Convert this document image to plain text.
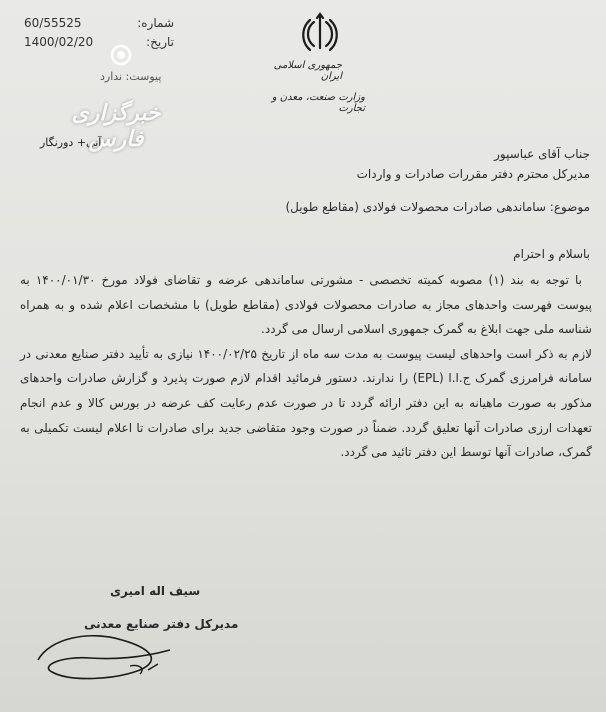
شماره:
60/55525
تاریخ:
1400/02/20
پیوست: ندارد
آنی+ دورنگار
خبرگزاری فارس
جمهوری اسلامی ایران
وزارت صنعت، معدن و تجارت
جناب آقای عباسپور
مدیرکل محترم دفتر مقررات صادرات و واردات
موضوع: ساماندهی صادرات محصولات فولادی (مقاطع طویل)
باسلام و احترام

با توجه به بند (۱) مصوبه کمیته تخصصی - مشورتی ساماندهی عرضه و تقاضای فولاد مورخ ۱۴۰۰/۰۱/۳۰ به پیوست فهرست واحدهای مجاز به صادرات محصولات فولادی (مقاطع طویل) با مشخصات اعلام شده و به همراه شناسه ملی جهت ابلاغ به گمرک جمهوری اسلامی ارسال می گردد.

لازم به ذکر است واحدهای لیست پیوست به مدت سه ماه از تاریخ ۱۴۰۰/۰۲/۲۵ نیازی به تأیید دفتر صنایع معدنی در سامانه فرامرزی گمرک ج.ا.ا (EPL) را ندارند. دستور فرمائید اقدام لازم صورت پذیرد و گزارش صادرات واحدهای مذکور به صورت ماهیانه به این دفتر ارائه گردد تا در صورت عدم رعایت کف عرضه در بورس کالا و عدم انجام تعهدات ارزی صادرات آنها تعلیق گردد. ضمناً در صورت وجود متقاضی جدید برای صادرات تا اعلام لیست تکمیلی به گمرک، صادرات آنها توسط این دفتر تائید می گردد.

سیف اله امیری
مدیرکل دفتر صنایع معدنی
